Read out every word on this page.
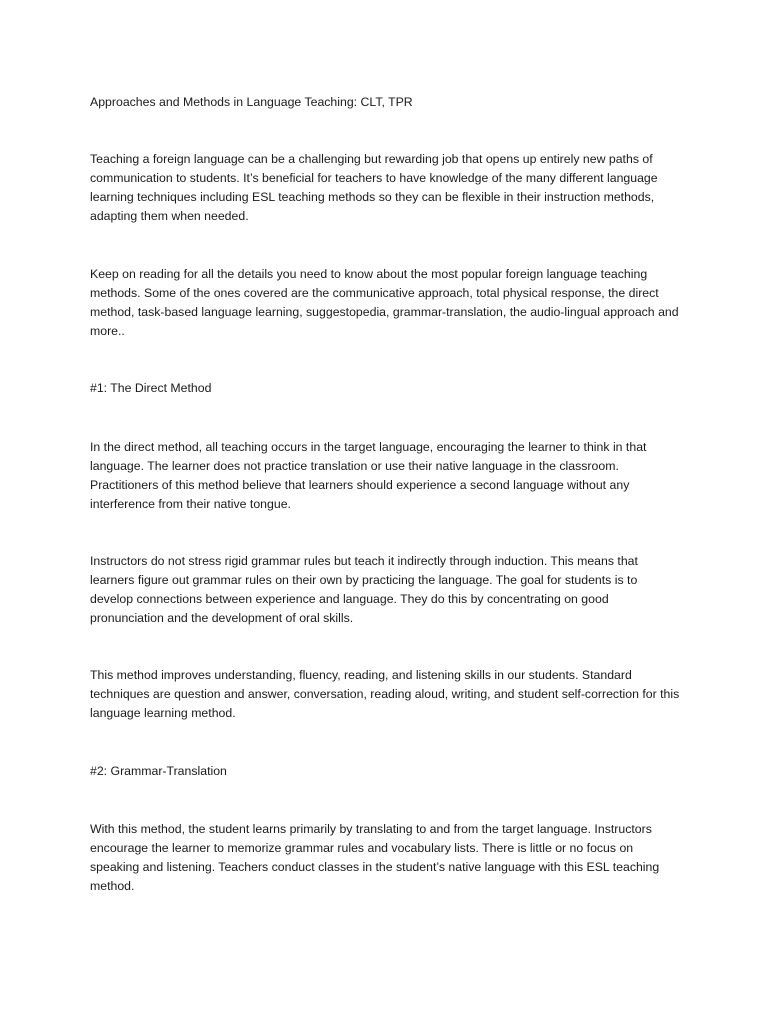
Approaches and Methods in Language Teaching: CLT, TPR

Teaching a foreign language can be a challenging but rewarding job that opens up entirely new paths of communication to students. It’s beneficial for teachers to have knowledge of the many different language learning techniques including ESL teaching methods so they can be flexible in their instruction methods, adapting them when needed.

Keep on reading for all the details you need to know about the most popular foreign language teaching methods. Some of the ones covered are the communicative approach, total physical response, the direct method, task-based language learning, suggestopedia, grammar-translation, the audio-lingual approach and more..

#1: The Direct Method

In the direct method, all teaching occurs in the target language, encouraging the learner to think in that language. The learner does not practice translation or use their native language in the classroom. Practitioners of this method believe that learners should experience a second language without any interference from their native tongue.

Instructors do not stress rigid grammar rules but teach it indirectly through induction. This means that learners figure out grammar rules on their own by practicing the language. The goal for students is to develop connections between experience and language. They do this by concentrating on good pronunciation and the development of oral skills.

This method improves understanding, fluency, reading, and listening skills in our students. Standard techniques are question and answer, conversation, reading aloud, writing, and student self-correction for this language learning method.

#2: Grammar-Translation

With this method, the student learns primarily by translating to and from the target language. Instructors encourage the learner to memorize grammar rules and vocabulary lists. There is little or no focus on speaking and listening. Teachers conduct classes in the student’s native language with this ESL teaching method.
